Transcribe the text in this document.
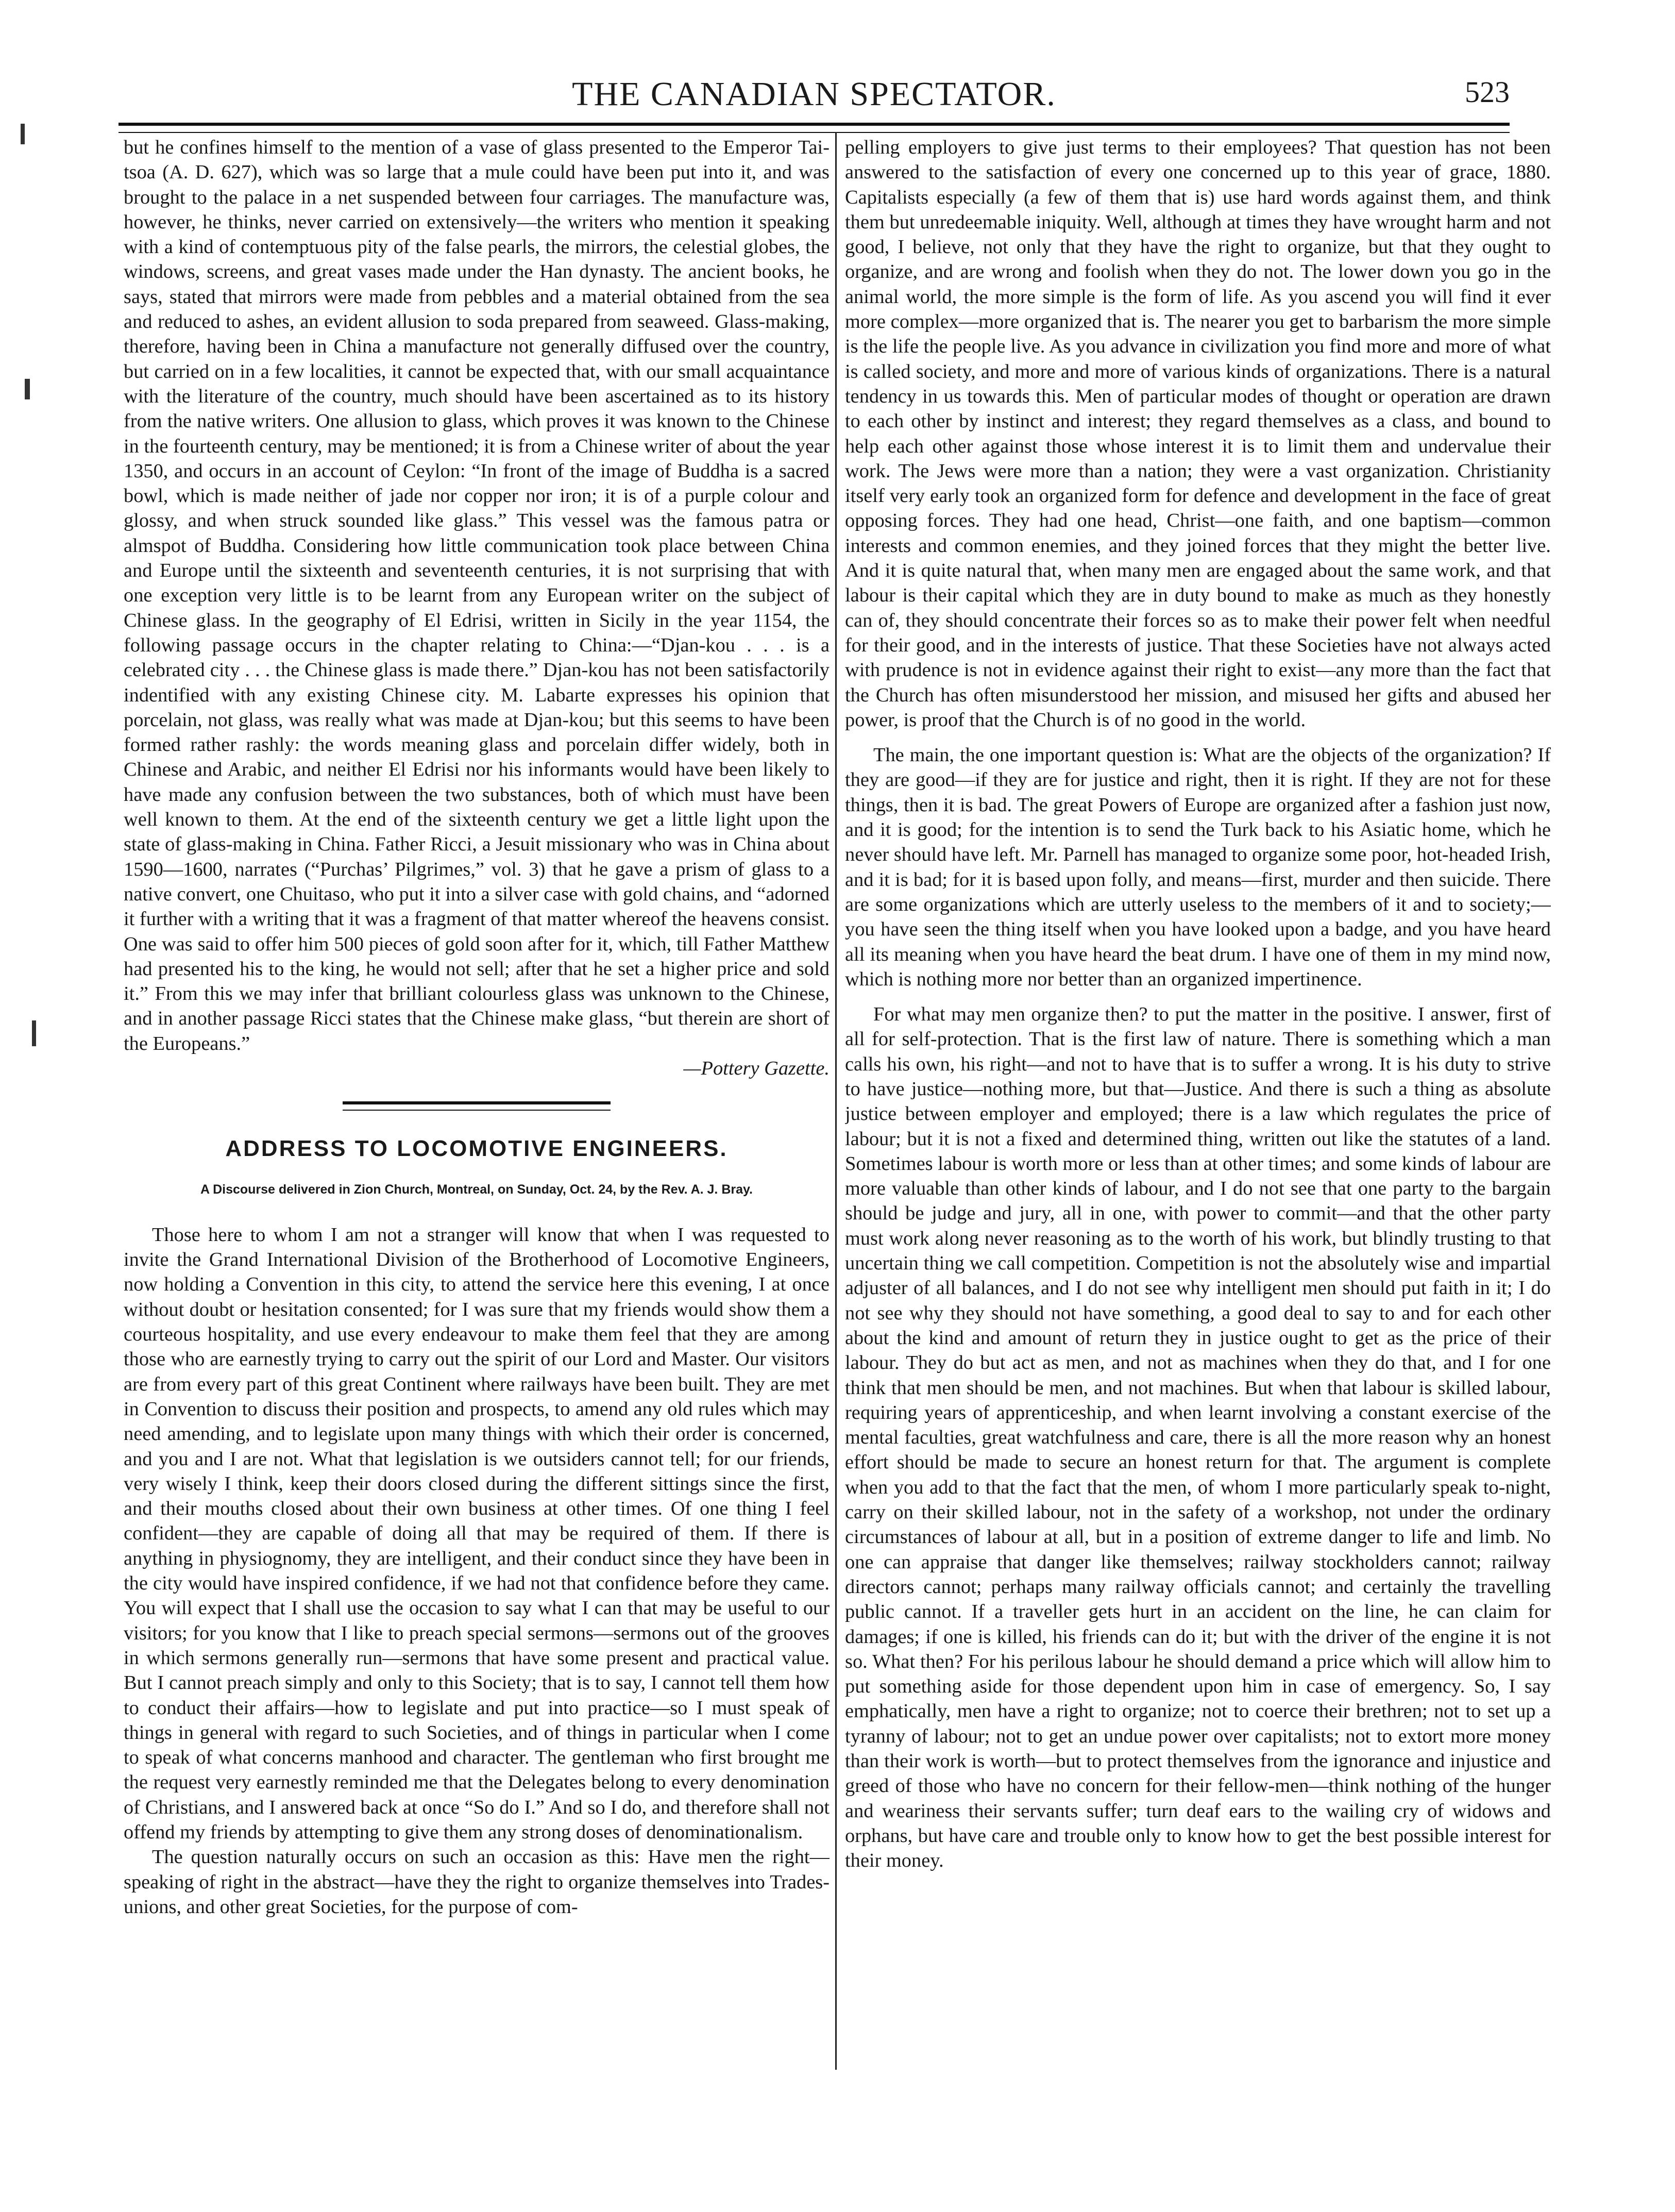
THE CANADIAN SPECTATOR.	523

but he confines himself to the mention of a vase of glass presented to the Emperor Tai-tsoa (A. D. 627), which was so large that a mule could have been put into it, and was brought to the palace in a net suspended between four carriages. The manufacture was, however, he thinks, never carried on extensively—the writers who mention it speaking with a kind of contemptuous pity of the false pearls, the mirrors, the celestial globes, the windows, screens, and great vases made under the Han dynasty. The ancient books, he says, stated that mirrors were made from pebbles and a material obtained from the sea and reduced to ashes, an evident allusion to soda prepared from seaweed. Glass-making, therefore, having been in China a manufacture not generally diffused over the country, but carried on in a few localities, it cannot be expected that, with our small acquaintance with the literature of the country, much should have been ascertained as to its history from the native writers. One allusion to glass, which proves it was known to the Chinese in the fourteenth century, may be mentioned; it is from a Chinese writer of about the year 1350, and occurs in an account of Ceylon: “In front of the image of Buddha is a sacred bowl, which is made neither of jade nor copper nor iron; it is of a purple colour and glossy, and when struck sounded like glass.” This vessel was the famous patra or almspot of Buddha. Considering how little communication took place between China and Europe until the sixteenth and seventeenth centuries, it is not surprising that with one exception very little is to be learnt from any European writer on the subject of Chinese glass. In the geography of El Edrisi, written in Sicily in the year 1154, the following passage occurs in the chapter relating to China:—“Djan-kou . . . is a celebrated city . . . the Chinese glass is made there.” Djan-kou has not been satisfactorily indentified with any existing Chinese city. M. Labarte expresses his opinion that porcelain, not glass, was really what was made at Djan-kou; but this seems to have been formed rather rashly: the words meaning glass and porcelain differ widely, both in Chinese and Arabic, and neither El Edrisi nor his informants would have been likely to have made any confusion between the two substances, both of which must have been well known to them. At the end of the sixteenth century we get a little light upon the state of glass-making in China. Father Ricci, a Jesuit missionary who was in China about 1590—1600, narrates (“Purchas’ Pilgrimes,” vol. 3) that he gave a prism of glass to a native convert, one Chuitaso, who put it into a silver case with gold chains, and “adorned it further with a writing that it was a fragment of that matter whereof the heavens consist. One was said to offer him 500 pieces of gold soon after for it, which, till Father Matthew had presented his to the king, he would not sell; after that he set a higher price and sold it.” From this we may infer that brilliant colourless glass was unknown to the Chinese, and in another passage Ricci states that the Chinese make glass, “but therein are short of the Europeans.”

—Pottery Gazette.

ADDRESS TO LOCOMOTIVE ENGINEERS.
A Discourse delivered in Zion Church, Montreal, on Sunday, Oct. 24, by the Rev. A. J. Bray.

Those here to whom I am not a stranger will know that when I was requested to invite the Grand International Division of the Brotherhood of Locomotive Engineers, now holding a Convention in this city, to attend the service here this evening, I at once without doubt or hesitation consented; for I was sure that my friends would show them a courteous hospitality, and use every endeavour to make them feel that they are among those who are earnestly trying to carry out the spirit of our Lord and Master. Our visitors are from every part of this great Continent where railways have been built. They are met in Convention to discuss their position and prospects, to amend any old rules which may need amending, and to legislate upon many things with which their order is concerned, and you and I are not. What that legislation is we outsiders cannot tell; for our friends, very wisely I think, keep their doors closed during the different sittings since the first, and their mouths closed about their own business at other times. Of one thing I feel confident—they are capable of doing all that may be required of them. If there is anything in physiognomy, they are intelligent, and their conduct since they have been in the city would have inspired confidence, if we had not that confidence before they came. You will expect that I shall use the occasion to say what I can that may be useful to our visitors; for you know that I like to preach special sermons—sermons out of the grooves in which sermons generally run—sermons that have some present and practical value. But I cannot preach simply and only to this Society; that is to say, I cannot tell them how to conduct their affairs—how to legislate and put into practice—so I must speak of things in general with regard to such Societies, and of things in particular when I come to speak of what concerns manhood and character. The gentleman who first brought me the request very earnestly reminded me that the Delegates belong to every denomination of Christians, and I answered back at once “So do I.” And so I do, and therefore shall not offend my friends by attempting to give them any strong doses of denominationalism.

The question naturally occurs on such an occasion as this: Have men the right—speaking of right in the abstract—have they the right to organize themselves into Trades-unions, and other great Societies, for the purpose of com-

pelling employers to give just terms to their employees? That question has not been answered to the satisfaction of every one concerned up to this year of grace, 1880. Capitalists especially (a few of them that is) use hard words against them, and think them but unredeemable iniquity. Well, although at times they have wrought harm and not good, I believe, not only that they have the right to organize, but that they ought to organize, and are wrong and foolish when they do not. The lower down you go in the animal world, the more simple is the form of life. As you ascend you will find it ever more complex—more organized that is. The nearer you get to barbarism the more simple is the life the people live. As you advance in civilization you find more and more of what is called society, and more and more of various kinds of organizations. There is a natural tendency in us towards this. Men of particular modes of thought or operation are drawn to each other by instinct and interest; they regard themselves as a class, and bound to help each other against those whose interest it is to limit them and undervalue their work. The Jews were more than a nation; they were a vast organization. Christianity itself very early took an organized form for defence and development in the face of great opposing forces. They had one head, Christ—one faith, and one baptism—common interests and common enemies, and they joined forces that they might the better live. And it is quite natural that, when many men are engaged about the same work, and that labour is their capital which they are in duty bound to make as much as they honestly can of, they should concentrate their forces so as to make their power felt when needful for their good, and in the interests of justice. That these Societies have not always acted with prudence is not in evidence against their right to exist—any more than the fact that the Church has often misunderstood her mission, and misused her gifts and abused her power, is proof that the Church is of no good in the world.

The main, the one important question is: What are the objects of the organization? If they are good—if they are for justice and right, then it is right. If they are not for these things, then it is bad. The great Powers of Europe are organized after a fashion just now, and it is good; for the intention is to send the Turk back to his Asiatic home, which he never should have left. Mr. Parnell has managed to organize some poor, hot-headed Irish, and it is bad; for it is based upon folly, and means—first, murder and then suicide. There are some organizations which are utterly useless to the members of it and to society;—you have seen the thing itself when you have looked upon a badge, and you have heard all its meaning when you have heard the beat drum. I have one of them in my mind now, which is nothing more nor better than an organized impertinence.

For what may men organize then? to put the matter in the positive. I answer, first of all for self-protection. That is the first law of nature. There is something which a man calls his own, his right—and not to have that is to suffer a wrong. It is his duty to strive to have justice—nothing more, but that—Justice. And there is such a thing as absolute justice between employer and employed; there is a law which regulates the price of labour; but it is not a fixed and determined thing, written out like the statutes of a land. Sometimes labour is worth more or less than at other times; and some kinds of labour are more valuable than other kinds of labour, and I do not see that one party to the bargain should be judge and jury, all in one, with power to commit—and that the other party must work along never reasoning as to the worth of his work, but blindly trusting to that uncertain thing we call competition. Competition is not the absolutely wise and impartial adjuster of all balances, and I do not see why intelligent men should put faith in it; I do not see why they should not have something, a good deal to say to and for each other about the kind and amount of return they in justice ought to get as the price of their labour. They do but act as men, and not as machines when they do that, and I for one think that men should be men, and not machines. But when that labour is skilled labour, requiring years of apprenticeship, and when learnt involving a constant exercise of the mental faculties, great watchfulness and care, there is all the more reason why an honest effort should be made to secure an honest return for that. The argument is complete when you add to that the fact that the men, of whom I more particularly speak to-night, carry on their skilled labour, not in the safety of a workshop, not under the ordinary circumstances of labour at all, but in a position of extreme danger to life and limb. No one can appraise that danger like themselves; railway stockholders cannot; railway directors cannot; perhaps many railway officials cannot; and certainly the travelling public cannot. If a traveller gets hurt in an accident on the line, he can claim for damages; if one is killed, his friends can do it; but with the driver of the engine it is not so. What then? For his perilous labour he should demand a price which will allow him to put something aside for those dependent upon him in case of emergency. So, I say emphatically, men have a right to organize; not to coerce their brethren; not to set up a tyranny of labour; not to get an undue power over capitalists; not to extort more money than their work is worth—but to protect themselves from the ignorance and injustice and greed of those who have no concern for their fellow-men—think nothing of the hunger and weariness their servants suffer; turn deaf ears to the wailing cry of widows and orphans, but have care and trouble only to know how to get the best possible interest for their money.
